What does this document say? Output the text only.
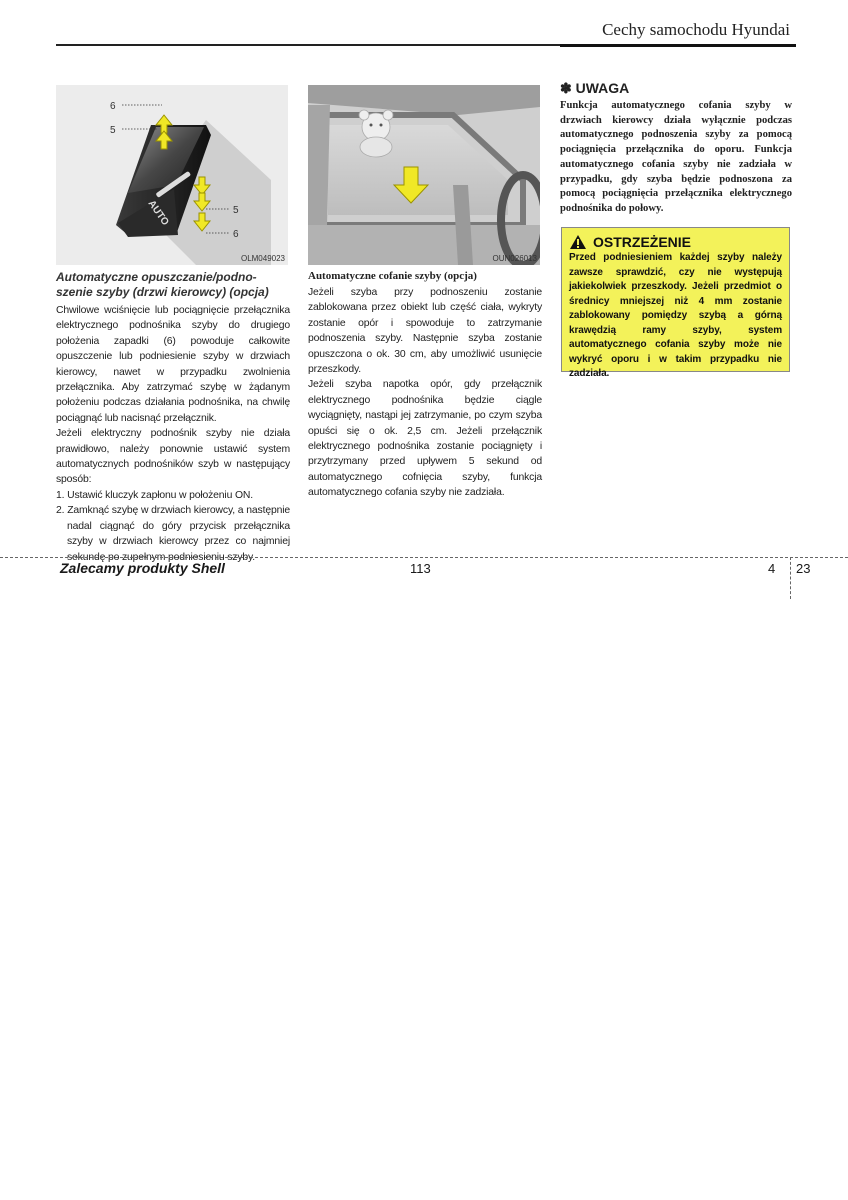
Cechy samochodu Hyundai
AUTO
6
5
5
6
OLM049023	OUN026013
Automatyczne opuszczanie/podno-
szenie szyby (drzwi kierowcy) (opcja)

Chwilowe wciśnięcie lub pociągnięcie przełącznika elektrycznego podnośnika szyby do drugiego położenia zapadki (6) powoduje całkowite opuszczenie lub podniesienie szyby w drzwiach kierowcy, nawet w przypadku zwolnienia przełącznika. Aby zatrzymać szybę w żądanym położeniu podczas działania podnośnika, na chwilę pociągnąć lub nacisnąć przełącznik.

Jeżeli elektryczny podnośnik szyby nie działa prawidłowo, należy ponownie ustawić system automatycznych podnośników szyb w następujący sposób:

1. Ustawić kluczyk zapłonu w położeniu ON.

2. Zamknąć szybę w drzwiach kierowcy, a następnie nadal ciągnąć do góry przycisk przełącznika szyby w drzwiach kierowcy przez co najmniej sekundę po zupełnym podniesieniu szyby.

Automatyczne cofanie szyby (opcja)

Jeżeli szyba przy podnoszeniu zostanie zablokowana przez obiekt lub część ciała, wykryty zostanie opór i spowoduje to zatrzymanie podnoszenia szyby. Następnie szyba zostanie opuszczona o ok. 30 cm, aby umożliwić usunięcie przeszkody.

Jeżeli szyba napotka opór, gdy przełącznik elektrycznego podnośnika będzie ciągle wyciągnięty, nastąpi jej zatrzymanie, po czym szyba opuści się o ok. 2,5 cm. Jeżeli przełącznik elektrycznego podnośnika zostanie pociągnięty i przytrzymany przed upływem 5 sekund od automatycznego cofnięcia szyby, funkcja automatycznego cofania szyby nie zadziała.

✽ UWAGA
Funkcja automatycznego cofania szyby w drzwiach kierowcy działa wyłącznie podczas automatycznego podnoszenia szyby za pomocą pociągnięcia przełącznika do oporu. Funkcja automatycznego cofania szyby nie zadziała w przypadku, gdy szyba będzie podnoszona za pomocą pociągnięcia przełącznika elektrycznego podnośnika do połowy.
OSTRZEŻENIE
Przed podniesieniem każdej szyby należy zawsze sprawdzić, czy nie występują jakiekolwiek przeszkody. Jeżeli przedmiot o średnicy mniejszej niż 4 mm zostanie zablokowany pomiędzy szybą a górną krawędzią ramy szyby, system automatycznego cofania szyby może nie wykryć oporu i w takim przypadku nie zadziała.
Zalecamy produkty Shell	113	4 23
